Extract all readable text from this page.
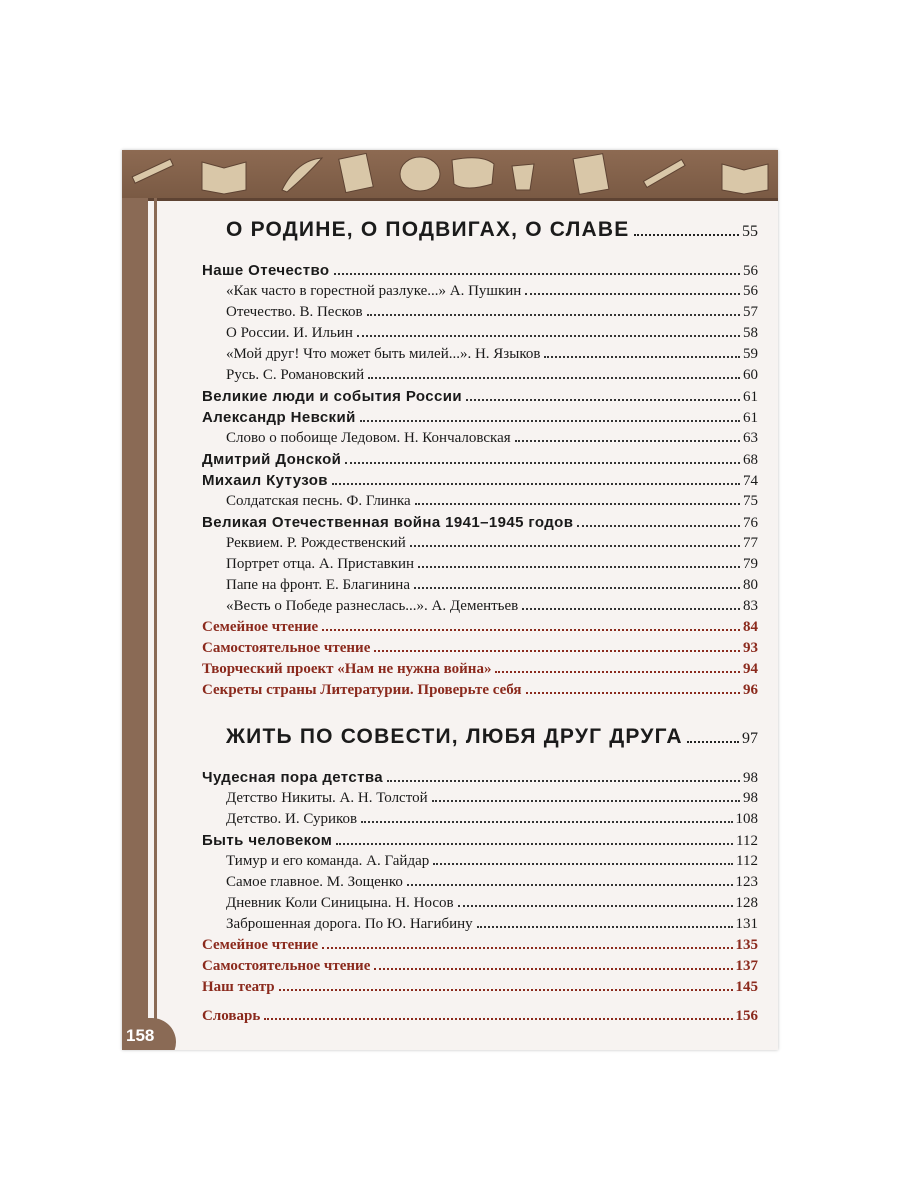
158
О РОДИНЕ, О ПОДВИГАХ, О СЛАВЕ	55
Наше Отечество	56
«Как часто в горестной разлуке...» А. Пушкин	56
Отечество. В. Песков	57
О России. И. Ильин	58
«Мой друг! Что может быть милей...». Н. Языков	59
Русь. С. Романовский	60
Великие люди и события России	61
Александр Невский	61
Слово о побоище Ледовом. Н. Кончаловская	63
Дмитрий Донской	68
Михаил Кутузов	74
Солдатская песнь. Ф. Глинка	75
Великая Отечественная война 1941–1945 годов	76
Реквием. Р. Рождественский	77
Портрет отца. А. Приставкин	79
Папе на фронт. Е. Благинина	80
«Весть о Победе разнеслась...». А. Дементьев	83
Семейное чтение	84
Самостоятельное чтение	93
Творческий проект «Нам не нужна война»	94
Секреты страны Литературии. Проверьте себя	96
ЖИТЬ ПО СОВЕСТИ, ЛЮБЯ ДРУГ ДРУГА	97
Чудесная пора детства	98
Детство Никиты. А. Н. Толстой	98
Детство. И. Суриков	108
Быть человеком	112
Тимур и его команда. А. Гайдар	112
Самое главное. М. Зощенко	123
Дневник Коли Синицына. Н. Носов	128
Заброшенная дорога. По Ю. Нагибину	131
Семейное чтение	135
Самостоятельное чтение	137
Наш театр	145
Словарь	156
